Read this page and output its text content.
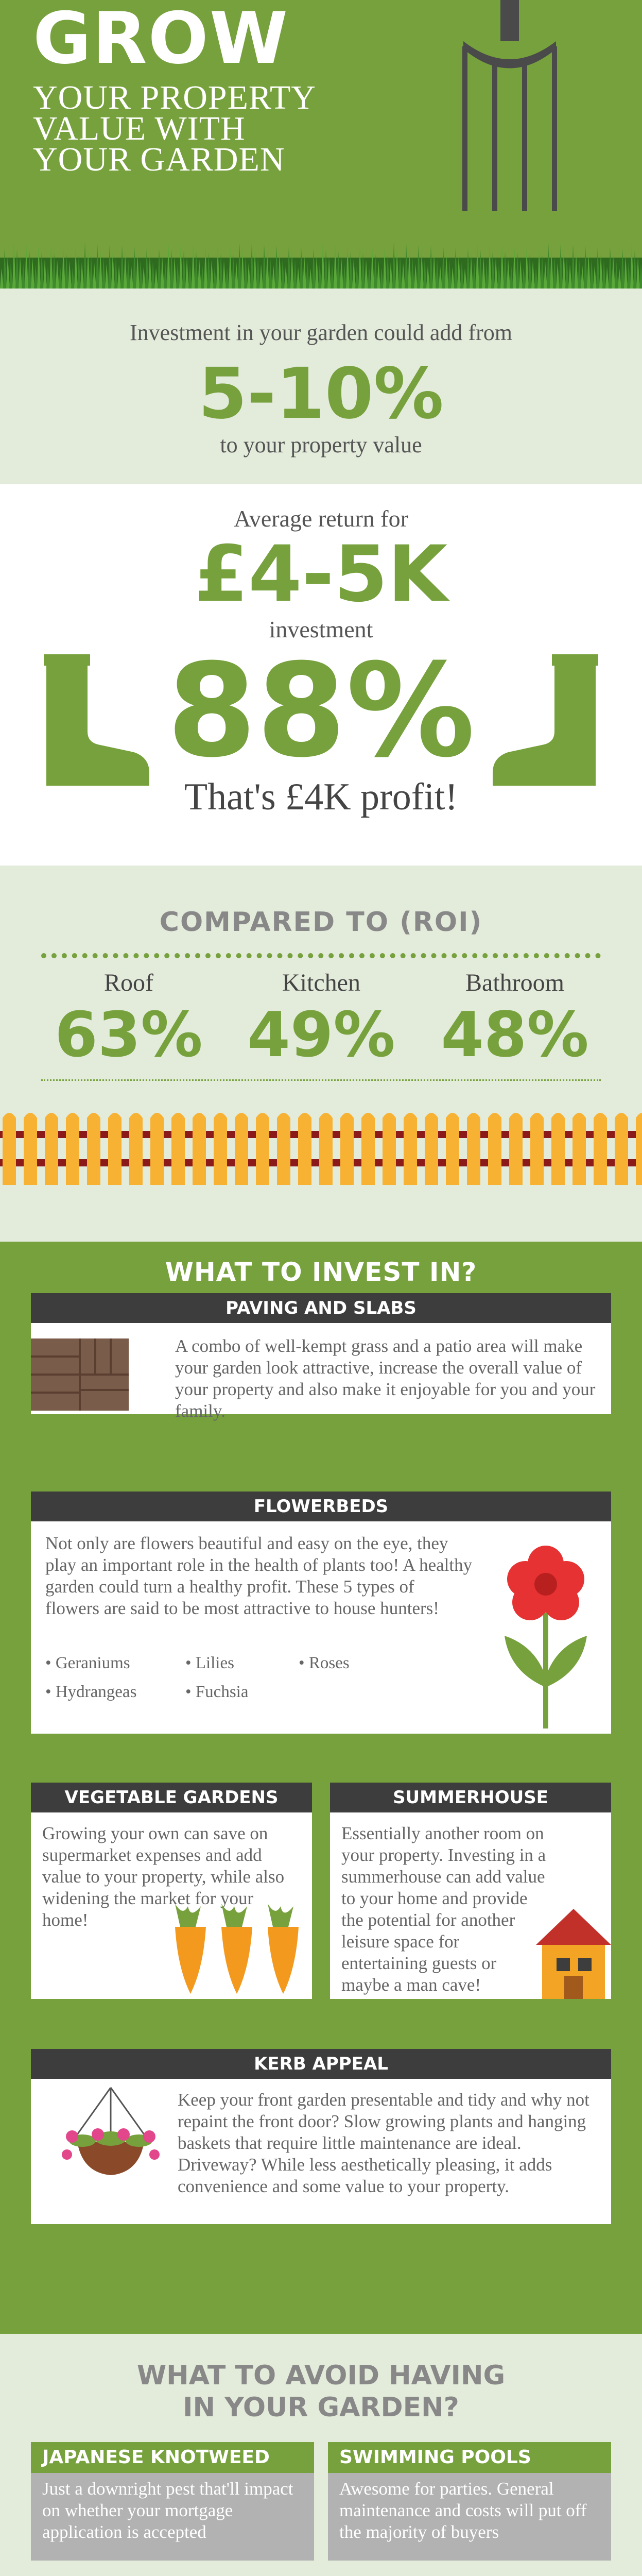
GROW
YOUR PROPERTY
VALUE WITH
YOUR GARDEN
Investment in your garden could add from
5-10%
to your property value
Average return for
£4-5K
investment
88%
That's £4K profit!
COMPARED TO (ROI)
Roof
63%
Kitchen
49%
Bathroom
48%
WHAT TO INVEST IN?
PAVING AND SLABS
A combo of well-kempt grass and a patio area will make your garden look attractive, increase the overall value of your property and also make it enjoyable for you and your family.
FLOWERBEDS
Not only are flowers beautiful and easy on the eye, they play an important role in the health of plants too! A healthy garden could turn a healthy profit. These 5 types of flowers are said to be most attractive to house hunters!
• Geraniums
• Hydrangeas
• Lilies
• Fuchsia
• Roses
VEGETABLE GARDENS
Growing your own can save on supermarket expenses and add value to your property, while also widening the market for your home!
SUMMERHOUSE
Essentially another room on your property. Investing in a summerhouse can add value to your home and provide the potential for another leisure space for entertaining guests or maybe a man cave!
KERB APPEAL
Keep your front garden presentable and tidy and why not repaint the front door? Slow growing plants and hanging baskets that require little maintenance are ideal. Driveway? While less aesthetically pleasing, it adds convenience and some value to your property.
WHAT TO AVOID HAVING
IN YOUR GARDEN?
JAPANESE KNOTWEED
Just a downright pest that'll impact on whether your mortgage application is accepted
SWIMMING POOLS
Awesome for parties. General maintenance and costs will put off the majority of buyers
